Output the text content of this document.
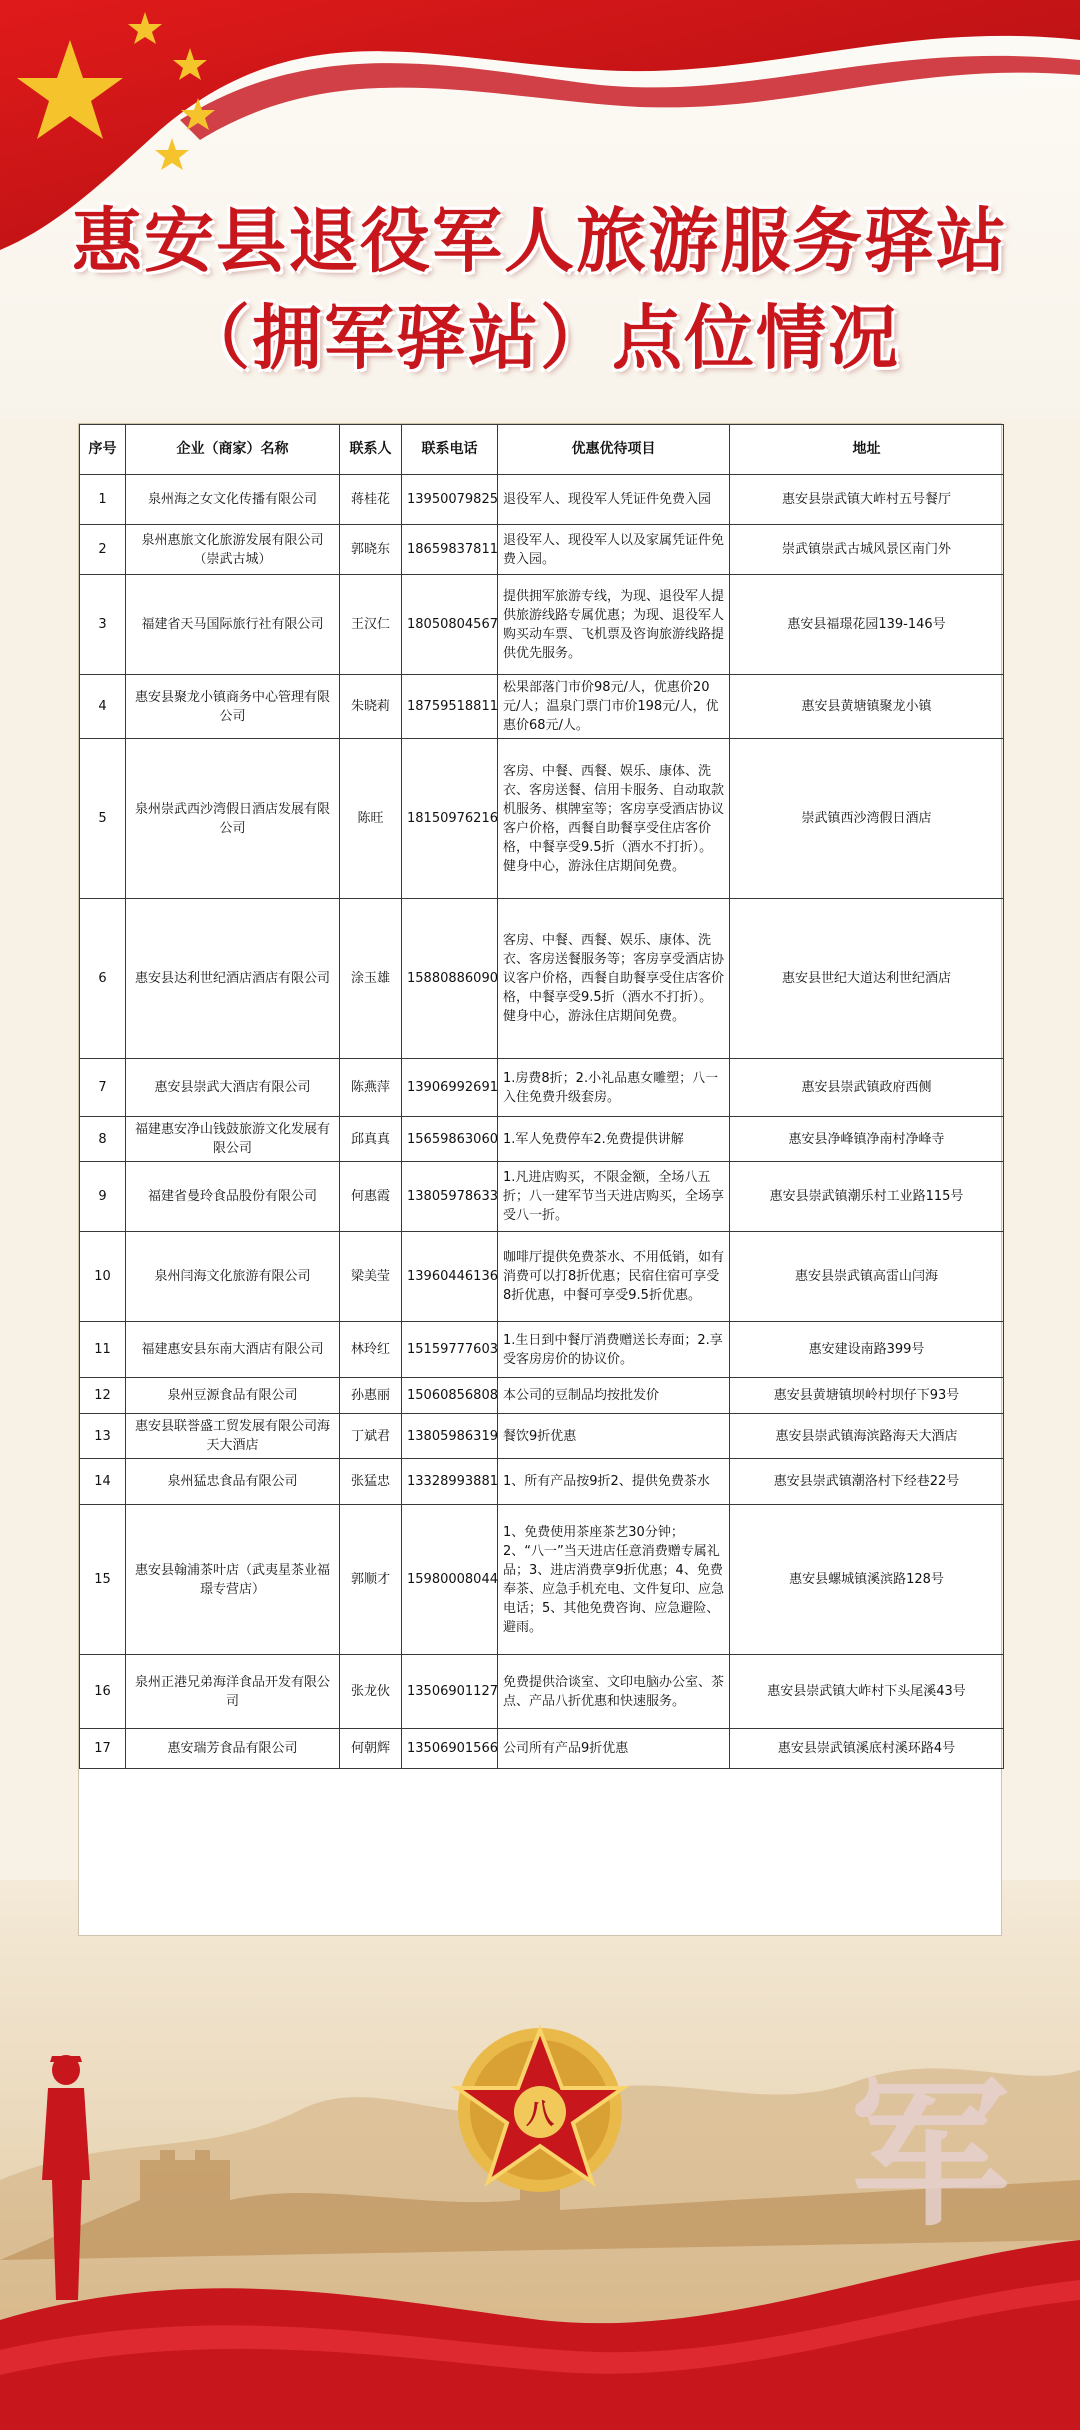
惠安县退役军人旅游服务驿站
（拥军驿站）点位情况
八 军
序号	企业（商家）名称	联系人	联系电话	优惠优待项目	地址
1	泉州海之女文化传播有限公司	蒋桂花	13950079825	退役军人、现役军人凭证件免费入园	惠安县崇武镇大岞村五号餐厅
2	泉州惠旅文化旅游发展有限公司（崇武古城）	郭晓东	18659837811	退役军人、现役军人以及家属凭证件免费入园。	崇武镇崇武古城风景区南门外
3	福建省天马国际旅行社有限公司	王汉仁	18050804567	提供拥军旅游专线，为现、退役军人提供旅游线路专属优惠；为现、退役军人购买动车票、飞机票及咨询旅游线路提供优先服务。	惠安县福璟花园139-146号
4	惠安县聚龙小镇商务中心管理有限公司	朱晓莉	18759518811	松果部落门市价98元/人，优惠价20元/人；温泉门票门市价198元/人，优惠价68元/人。	惠安县黄塘镇聚龙小镇
5	泉州崇武西沙湾假日酒店发展有限公司	陈旺	18150976216	客房、中餐、西餐、娱乐、康体、洗衣、客房送餐、信用卡服务、自动取款机服务、棋牌室等；客房享受酒店协议客户价格，西餐自助餐享受住店客价格，中餐享受9.5折（酒水不打折）。健身中心，游泳住店期间免费。	崇武镇西沙湾假日酒店
6	惠安县达利世纪酒店酒店有限公司	涂玉雄	15880886090	客房、中餐、西餐、娱乐、康体、洗衣、客房送餐服务等；客房享受酒店协议客户价格，西餐自助餐享受住店客价格，中餐享受9.5折（酒水不打折）。健身中心，游泳住店期间免费。	惠安县世纪大道达利世纪酒店
7	惠安县崇武大酒店有限公司	陈燕萍	13906992691	1.房费8折；2.小礼品惠女雕塑；八一入住免费升级套房。	惠安县崇武镇政府西侧
8	福建惠安净山钱鼓旅游文化发展有限公司	邱真真	15659863060	1.军人免费停车2.免费提供讲解	惠安县净峰镇净南村净峰寺
9	福建省曼玲食品股份有限公司	何惠霞	13805978633	1.凡进店购买，不限金额，全场八五折；八一建军节当天进店购买，全场享受八一折。	惠安县崇武镇潮乐村工业路115号
10	泉州闫海文化旅游有限公司	梁美莹	13960446136	咖啡厅提供免费茶水、不用低销，如有消费可以打8折优惠；民宿住宿可享受8折优惠，中餐可享受9.5折优惠。	惠安县崇武镇高雷山闫海
11	福建惠安县东南大酒店有限公司	林玲红	15159777603	1.生日到中餐厅消费赠送长寿面；2.享受客房房价的协议价。	惠安建设南路399号
12	泉州豆源食品有限公司	孙惠丽	15060856808	本公司的豆制品均按批发价	惠安县黄塘镇坝岭村坝仔下93号
13	惠安县联誉盛工贸发展有限公司海天大酒店	丁斌君	13805986319	餐饮9折优惠	惠安县崇武镇海滨路海天大酒店
14	泉州猛忠食品有限公司	张猛忠	13328993881	1、所有产品按9折2、提供免费茶水	惠安县崇武镇潮洛村下经巷22号
15	惠安县翰浦茶叶店（武夷星茶业福璟专营店）	郭顺才	15980008044	1、免费使用茶座茶艺30分钟；2、“八一”当天进店任意消费赠专属礼品；3、进店消费享9折优惠；4、免费奉茶、应急手机充电、文件复印、应急电话；5、其他免费咨询、应急避险、避雨。	惠安县螺城镇溪滨路128号
16	泉州正港兄弟海洋食品开发有限公司	张龙伙	13506901127	免费提供洽谈室、文印电脑办公室、茶点、产品八折优惠和快速服务。	惠安县崇武镇大岞村下头尾溪43号
17	惠安瑞芳食品有限公司	何朝辉	13506901566	公司所有产品9折优惠	惠安县崇武镇溪底村溪环路4号
